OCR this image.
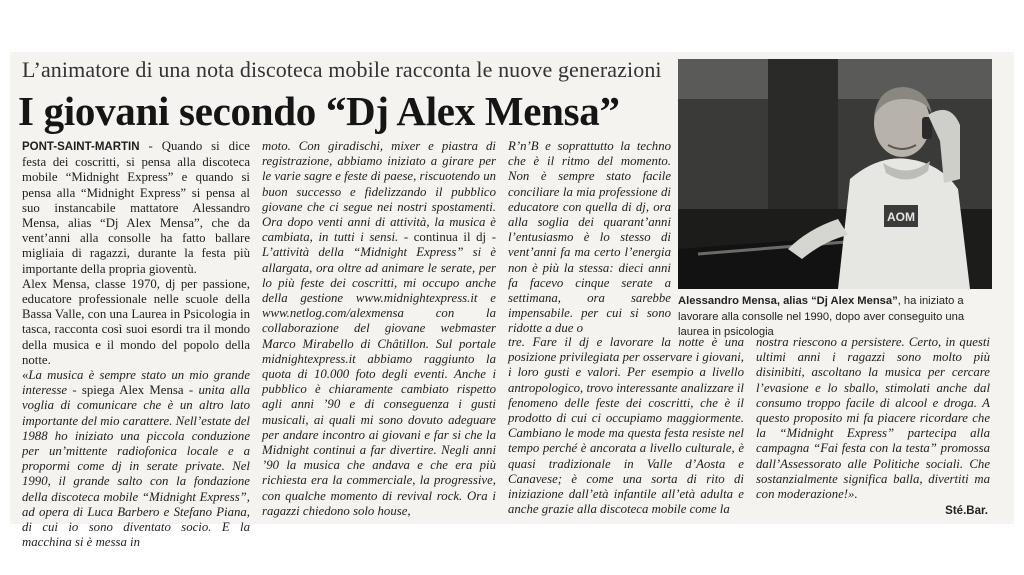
L’animatore di una nota discoteca mobile racconta le nuove generazioni
I giovani secondo “Dj Alex Mensa”

PONT-SAINT-MARTIN - Quando si dice festa dei coscritti, si pensa alla discoteca mobile “Midnight Express” e quando si pensa alla “Midnight Express” si pensa al suo instancabile mattatore Alessandro Mensa, alias “Dj Alex Mensa”, che da vent’anni alla consolle ha fatto ballare migliaia di ragazzi, durante la festa più importante della propria gioventù.

Alex Mensa, classe 1970, dj per passione, educatore professionale nelle scuole della Bassa Valle, con una Laurea in Psicologia in tasca, racconta così suoi esordi tra il mondo della musica e il mondo del popolo della notte.

«La musica è sempre stato un mio grande interesse - spiega Alex Mensa - unita alla voglia di comunicare che è un altro lato importante del mio carattere. Nell’estate del 1988 ho iniziato una piccola conduzione per un’mittente radiofonica locale e a propormi come dj in serate private. Nel 1990, il grande salto con la fondazione della discoteca mobile “Midnight Express”, ad opera di Luca Barbero e Stefano Piana, di cui io sono diventato socio. E la macchina si è messa in

moto. Con giradischi, mixer e piastra di registrazione, abbiamo iniziato a girare per le varie sagre e feste di paese, riscuotendo un buon successo e fidelizzando il pubblico giovane che ci segue nei nostri spostamenti. Ora dopo venti anni di attività, la musica è cambiata, in tutti i sensi. - continua il dj - L’attività della “Midnight Express” si è allargata, ora oltre ad animare le serate, per lo più feste dei coscritti, mi occupo anche della gestione www.midnightexpress.it e www.netlog.com/alexmensa con la collaborazione del giovane webmaster Marco Mirabello di Châtillon. Sul portale midnightexpress.it abbiamo raggiunto la quota di 10.000 foto degli eventi. Anche i pubblico è chiaramente cambiato rispetto agli anni ’90 e di conseguenza i gusti musicali, ai quali mi sono dovuto adeguare per andare incontro ai giovani e far si che la Midnight continui a far divertire. Negli anni ’90 la musica che andava e che era più richiesta era la commerciale, la progressive, con qualche momento di revival rock. Ora i ragazzi chiedono solo house,

R’n’B e soprattutto la techno che è il ritmo del momento. Non è sempre stato facile conciliare la mia professione di educatore con quella di dj, ora alla soglia dei quarant’anni l’entusiasmo è lo stesso di vent’anni fa ma certo l’energia non è più la stessa: dieci anni fa facevo cinque serate a settimana, ora sarebbe impensabile. per cui si sono ridotte a due o

tre. Fare il dj e lavorare la notte è una posizione privilegiata per osservare i giovani, i loro gusti e valori. Per esempio a livello antropologico, trovo interessante analizzare il fenomeno delle feste dei coscritti, che è il prodotto di cui ci occupiamo maggiormente. Cambiano le mode ma questa festa resiste nel tempo perché è ancorata a livello culturale, è quasi tradizionale in Valle d’Aosta e Canavese; è come una sorta di rito di iniziazione dall’età infantile all’età adulta e anche grazie alla discoteca mobile come la

nostra riescono a persistere. Certo, in questi ultimi anni i ragazzi sono molto più disinibiti, ascoltano la musica per cercare l’evasione e lo sballo, stimolati anche dal consumo troppo facile di alcool e droga. A questo proposito mi fa piacere ricordare che la “Midnight Express” partecipa alla campagna “Fai festa con la testa” promossa dall’Assessorato alle Politiche sociali. Che sostanzialmente significa balla, divertiti ma con moderazione!».

AOM
Alessandro Mensa, alias “Dj Alex Mensa”, ha iniziato a lavorare alla consolle nel 1990, dopo aver conseguito una laurea in psicologia
Sté.Bar.
